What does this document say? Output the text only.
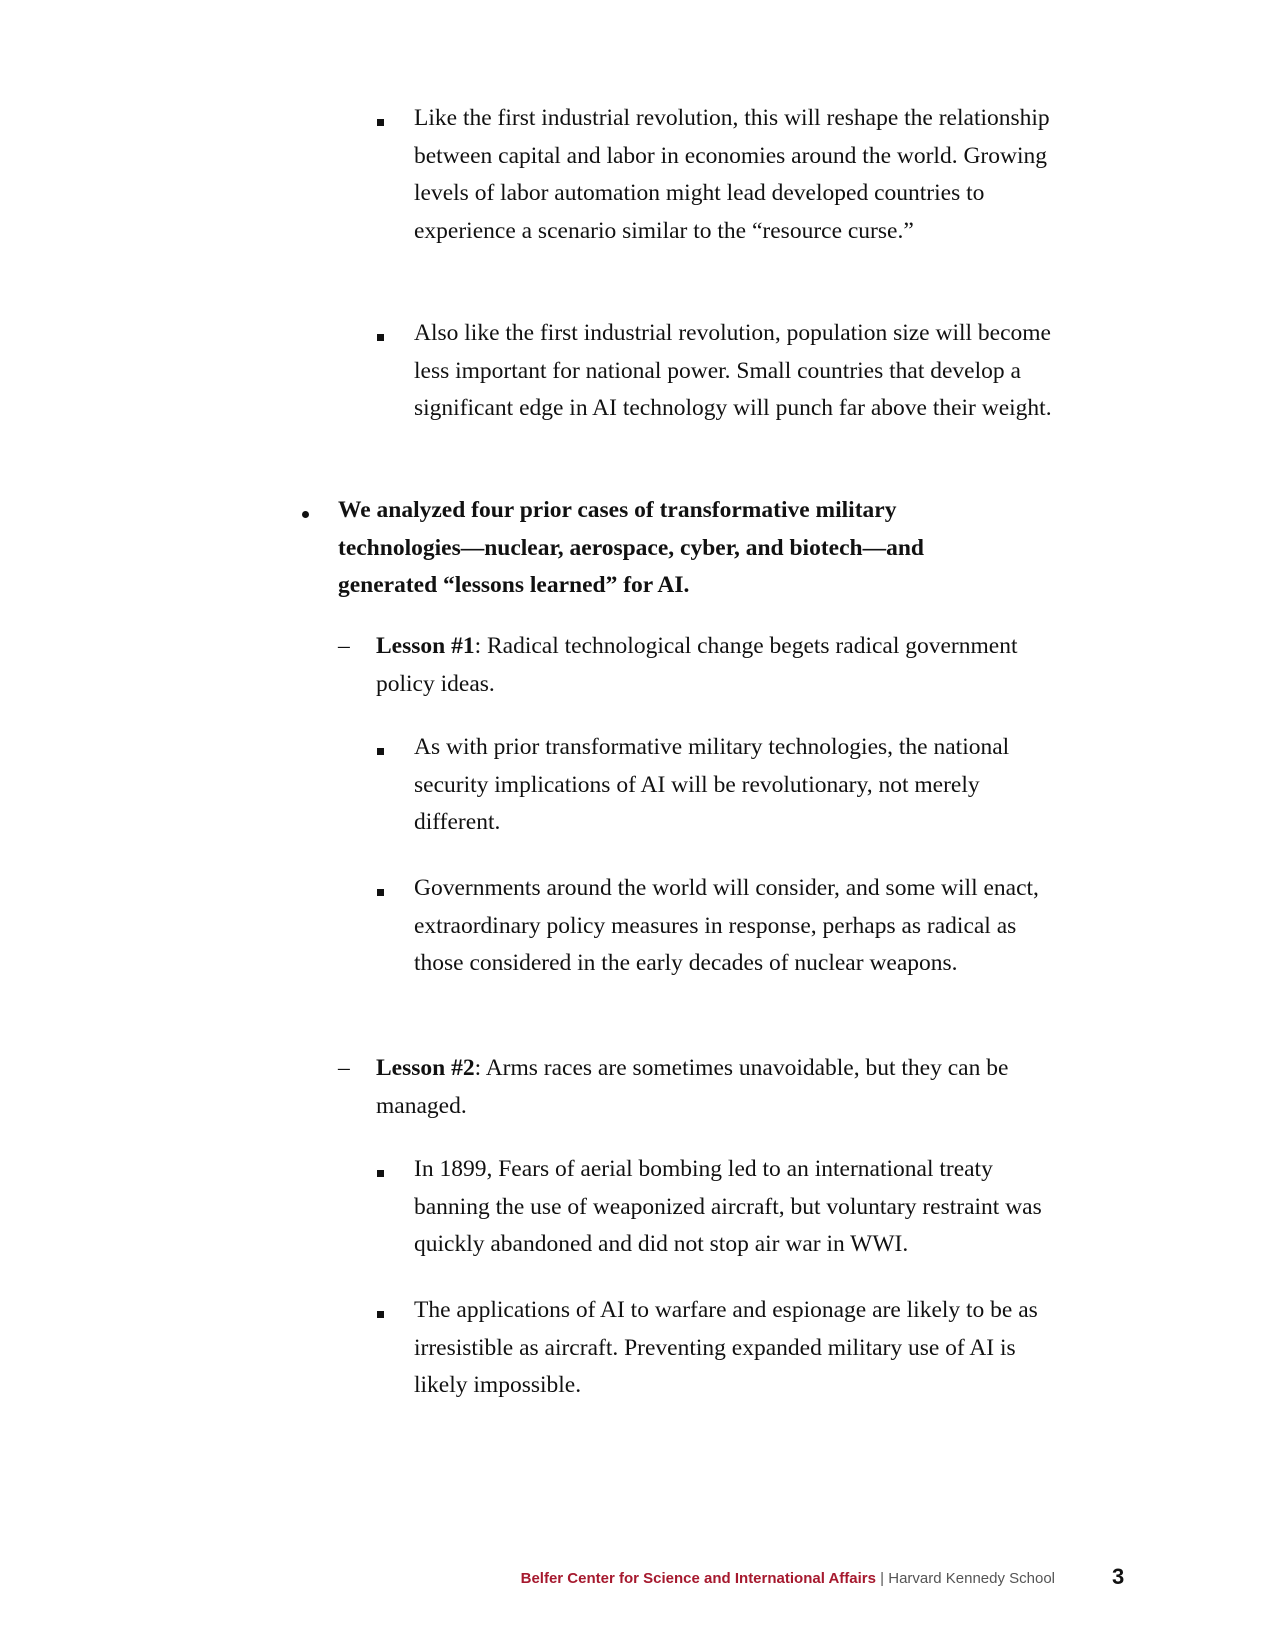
Like the first industrial revolution, this will reshape the relationship between capital and labor in economies around the world. Growing levels of labor automation might lead developed countries to experience a scenario similar to the “resource curse.”

Also like the first industrial revolution, population size will become less important for national power. Small countries that develop a significant edge in AI technology will punch far above their weight.

We analyzed four prior cases of transformative military technologies—nuclear, aerospace, cyber, and biotech—and generated “lessons learned” for AI.

– Lesson #1: Radical technological change begets radical government policy ideas.

As with prior transformative military technologies, the national security implications of AI will be revolutionary, not merely different.

Governments around the world will consider, and some will enact, extraordinary policy measures in response, perhaps as radical as those considered in the early decades of nuclear weapons.

– Lesson #2: Arms races are sometimes unavoidable, but they can be managed.

In 1899, Fears of aerial bombing led to an international treaty banning the use of weaponized aircraft, but voluntary restraint was quickly abandoned and did not stop air war in WWI.

The applications of AI to warfare and espionage are likely to be as irresistible as aircraft. Preventing expanded military use of AI is likely impossible.

Belfer Center for Science and International Affairs | Harvard Kennedy School	3
